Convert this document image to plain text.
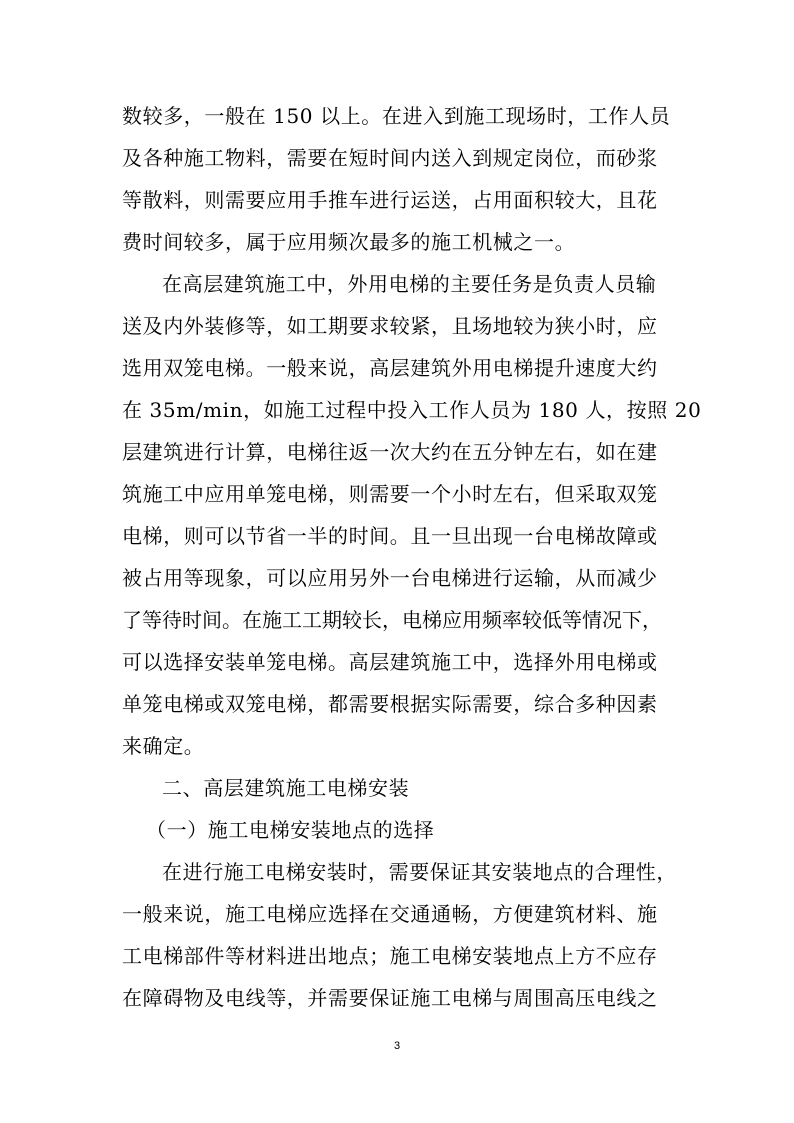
数较多，一般在 150 以上。在进入到施工现场时，工作人员
及各种施工物料，需要在短时间内送入到规定岗位，而砂浆
等散料，则需要应用手推车进行运送，占用面积较大，且花
费时间较多，属于应用频次最多的施工机械之一。
在高层建筑施工中，外用电梯的主要任务是负责人员输
送及内外装修等，如工期要求较紧，且场地较为狭小时，应
选用双笼电梯。一般来说，高层建筑外用电梯提升速度大约
在 35m/min，如施工过程中投入工作人员为 180 人，按照 20
层建筑进行计算，电梯往返一次大约在五分钟左右，如在建
筑施工中应用单笼电梯，则需要一个小时左右，但采取双笼
电梯，则可以节省一半的时间。且一旦出现一台电梯故障或
被占用等现象，可以应用另外一台电梯进行运输，从而减少
了等待时间。在施工工期较长，电梯应用频率较低等情况下，
可以选择安装单笼电梯。高层建筑施工中，选择外用电梯或
单笼电梯或双笼电梯，都需要根据实际需要，综合多种因素
来确定。
二、高层建筑施工电梯安装
（一）施工电梯安装地点的选择
在进行施工电梯安装时，需要保证其安装地点的合理性，
一般来说，施工电梯应选择在交通通畅，方便建筑材料、施
工电梯部件等材料进出地点；施工电梯安装地点上方不应存
在障碍物及电线等，并需要保证施工电梯与周围高压电线之
3
